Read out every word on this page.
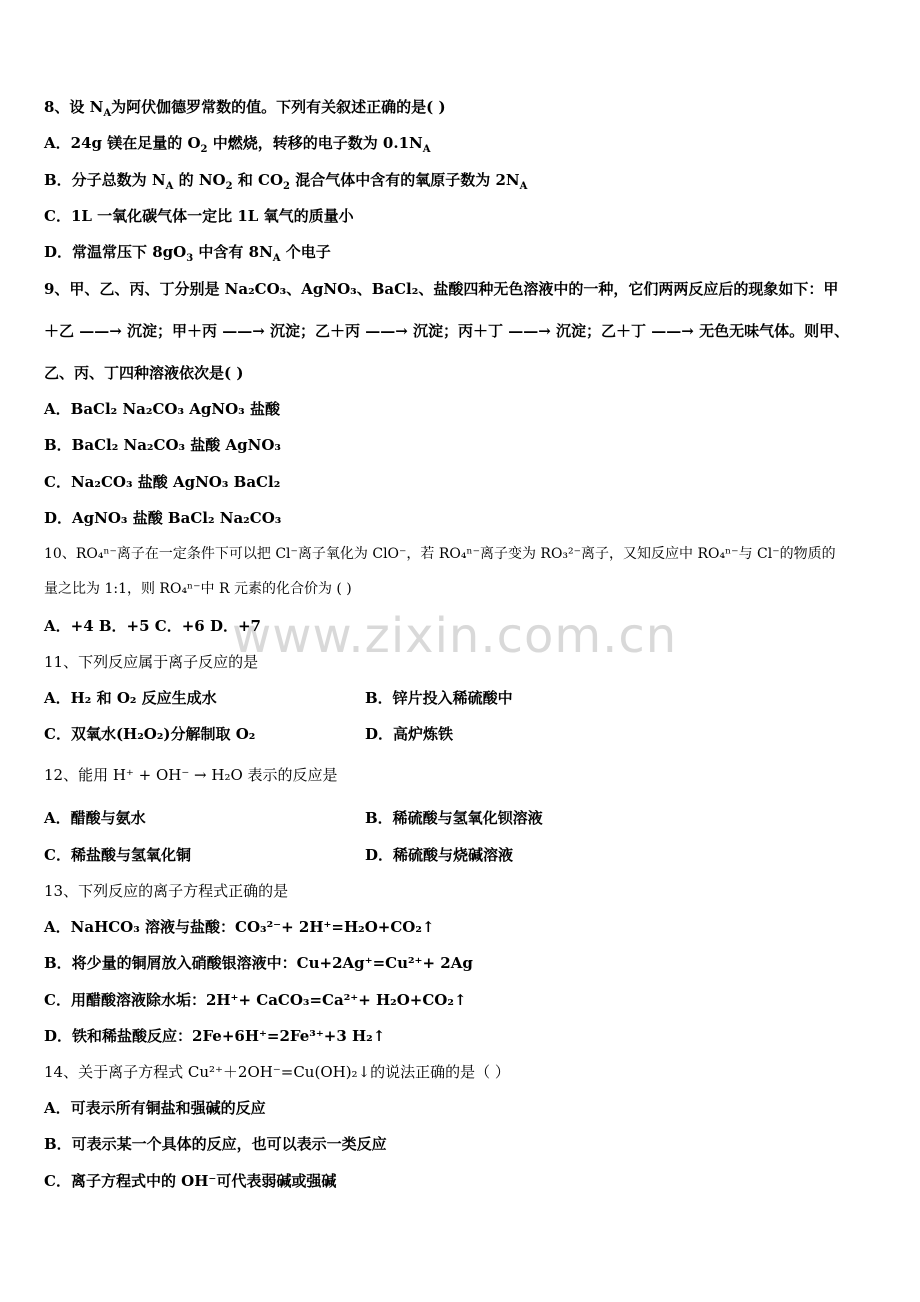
www.zixin.com.cn
8、设 $N_A$为阿伏伽德罗常数的值。下列有关叙述正确的是( )
A．24g 镁在足量的 $O_2$ 中燃烧，转移的电子数为 $0.1N_A$
B．分子总数为 $N_A$ 的 $NO_2$ 和 $CO_2$ 混合气体中含有的氧原子数为 $2N_A$
C．1L 一氧化碳气体一定比 1L 氧气的质量小
D．常温常压下 $8gO_3$ 中含有 $8N_A$ 个电子
9、甲、乙、丙、丁分别是 Na₂CO₃、AgNO₃、BaCl₂、盐酸四种无色溶液中的一种，它们两两反应后的现象如下：甲
＋乙 ——→ 沉淀；甲＋丙 ——→ 沉淀；乙＋丙 ——→ 沉淀；丙＋丁 ——→ 沉淀；乙＋丁 ——→ 无色无味气体。则甲、
乙、丙、丁四种溶液依次是( )
A．BaCl₂ Na₂CO₃ AgNO₃ 盐酸
B．BaCl₂ Na₂CO₃ 盐酸 AgNO₃
C．Na₂CO₃ 盐酸 AgNO₃ BaCl₂
D．AgNO₃ 盐酸 BaCl₂ Na₂CO₃
10、RO₄ⁿ⁻离子在一定条件下可以把 Cl⁻离子氧化为 ClO⁻，若 RO₄ⁿ⁻离子变为 RO₃²⁻离子，又知反应中 RO₄ⁿ⁻与 Cl⁻的物质的
量之比为 1:1，则 RO₄ⁿ⁻中 R 元素的化合价为 ( )
A．+4 B．+5 C．+6 D．+7
11、下列反应属于离子反应的是
A．H₂ 和 O₂ 反应生成水	B．锌片投入稀硫酸中
C．双氧水(H₂O₂)分解制取 O₂	D．高炉炼铁
12、能用 H⁺ + OH⁻ → H₂O 表示的反应是
A．醋酸与氨水	B．稀硫酸与氢氧化钡溶液
C．稀盐酸与氢氧化铜	D．稀硫酸与烧碱溶液
13、下列反应的离子方程式正确的是
A．NaHCO₃ 溶液与盐酸：CO₃²⁻+ 2H⁺=H₂O+CO₂↑
B．将少量的铜屑放入硝酸银溶液中：Cu+2Ag⁺=Cu²⁺+ 2Ag
C．用醋酸溶液除水垢：2H⁺+ CaCO₃=Ca²⁺+ H₂O+CO₂↑
D．铁和稀盐酸反应：2Fe+6H⁺=2Fe³⁺+3 H₂↑
14、关于离子方程式 Cu²⁺＋2OH⁻=Cu(OH)₂↓的说法正确的是（ ）
A．可表示所有铜盐和强碱的反应
B．可表示某一个具体的反应，也可以表示一类反应
C．离子方程式中的 OH⁻可代表弱碱或强碱
